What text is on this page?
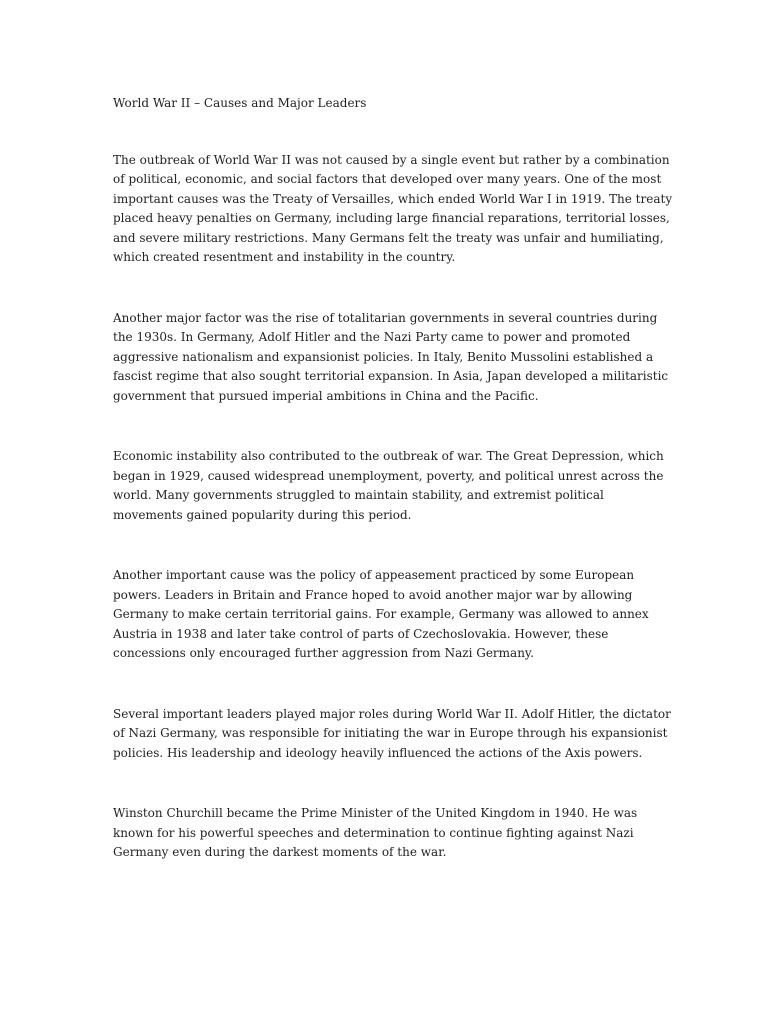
World War II – Causes and Major Leaders

The outbreak of World War II was not caused by a single event but rather by a combination
of political, economic, and social factors that developed over many years. One of the most
important causes was the Treaty of Versailles, which ended World War I in 1919. The treaty
placed heavy penalties on Germany, including large financial reparations, territorial losses,
and severe military restrictions. Many Germans felt the treaty was unfair and humiliating,
which created resentment and instability in the country.

Another major factor was the rise of totalitarian governments in several countries during
the 1930s. In Germany, Adolf Hitler and the Nazi Party came to power and promoted
aggressive nationalism and expansionist policies. In Italy, Benito Mussolini established a
fascist regime that also sought territorial expansion. In Asia, Japan developed a militaristic
government that pursued imperial ambitions in China and the Pacific.

Economic instability also contributed to the outbreak of war. The Great Depression, which
began in 1929, caused widespread unemployment, poverty, and political unrest across the
world. Many governments struggled to maintain stability, and extremist political
movements gained popularity during this period.

Another important cause was the policy of appeasement practiced by some European
powers. Leaders in Britain and France hoped to avoid another major war by allowing
Germany to make certain territorial gains. For example, Germany was allowed to annex
Austria in 1938 and later take control of parts of Czechoslovakia. However, these
concessions only encouraged further aggression from Nazi Germany.

Several important leaders played major roles during World War II. Adolf Hitler, the dictator
of Nazi Germany, was responsible for initiating the war in Europe through his expansionist
policies. His leadership and ideology heavily influenced the actions of the Axis powers.

Winston Churchill became the Prime Minister of the United Kingdom in 1940. He was
known for his powerful speeches and determination to continue fighting against Nazi
Germany even during the darkest moments of the war.
